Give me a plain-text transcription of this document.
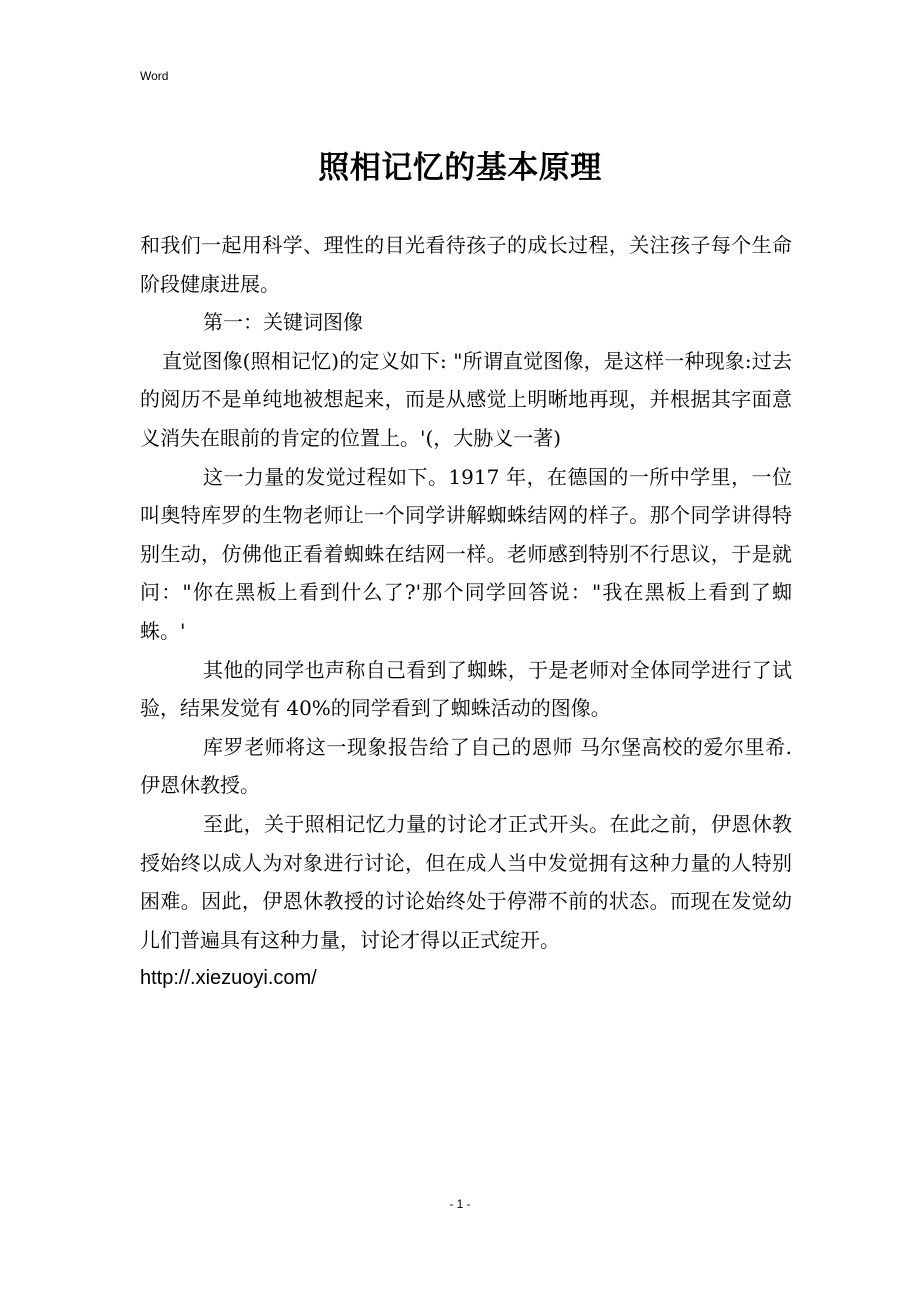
Word
照相记忆的基本原理

和我们一起用科学、理性的目光看待孩子的成长过程，关注孩子每个生命阶段健康进展。

第一：关键词图像

直觉图像(照相记忆)的定义如下: "所谓直觉图像，是这样一种现象:过去的阅历不是单纯地被想起来，而是从感觉上明晰地再现，并根据其字面意义消失在眼前的肯定的位置上。'(，大胁义一著)

这一力量的发觉过程如下。1917 年，在德国的一所中学里，一位叫奥特库罗的生物老师让一个同学讲解蜘蛛结网的样子。那个同学讲得特别生动，仿佛他正看着蜘蛛在结网一样。老师感到特别不行思议，于是就问："你在黑板上看到什么了?'那个同学回答说："我在黑板上看到了蜘蛛。'

其他的同学也声称自己看到了蜘蛛，于是老师对全体同学进行了试验，结果发觉有 40%的同学看到了蜘蛛活动的图像。

库罗老师将这一现象报告给了自己的恩师 马尔堡高校的爱尔里希.伊恩休教授。

至此，关于照相记忆力量的讨论才正式开头。在此之前，伊恩休教授始终以成人为对象进行讨论，但在成人当中发觉拥有这种力量的人特别困难。因此，伊恩休教授的讨论始终处于停滞不前的状态。而现在发觉幼儿们普遍具有这种力量，讨论才得以正式绽开。

http://.xiezuoyi.com/

- 1 -
